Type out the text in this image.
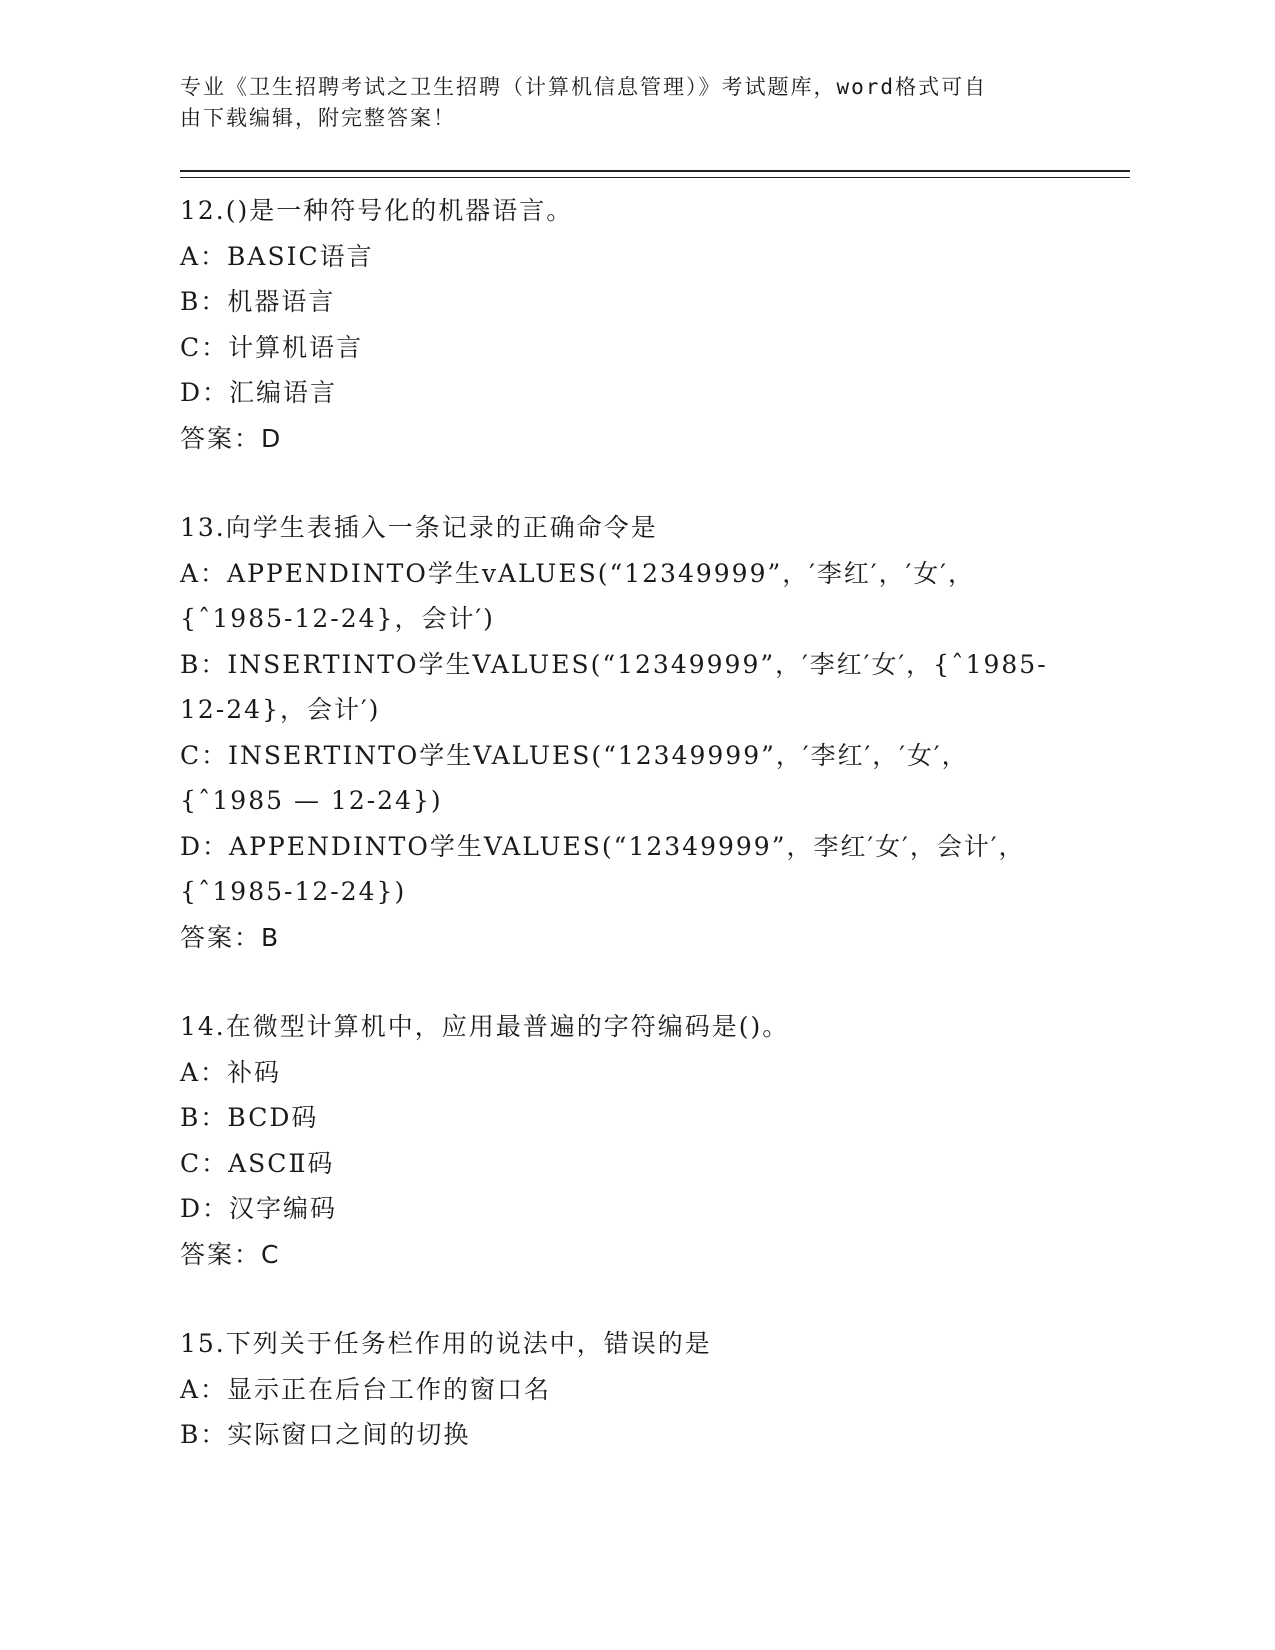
专业《卫生招聘考试之卫生招聘（计算机信息管理）》考试题库，word格式可自
由下载编辑，附完整答案！
12.()是一种符号化的机器语言。
A：BASIC语言
B：机器语言
C：计算机语言
D：汇编语言
答案：D
13.向学生表插入一条记录的正确命令是
A：APPENDINTO学生vALUES(“12349999”，′李红′，′女′，
{ˆ1985-12-24}，会计′)
B：INSERTINTO学生VALUES(“12349999”，′李红′女′，{ˆ1985-
12-24}，会计′)
C：INSERTINTO学生VALUES(“12349999”，′李红′，′女′，
{ˆ1985 — 12-24})
D：APPENDINTO学生VALUES(“12349999”，李红′女′，会计′，
{ˆ1985-12-24})
答案：B
14.在微型计算机中，应用最普遍的字符编码是()。
A：补码
B：BCD码
C：ASCⅡ码
D：汉字编码
答案：C
15.下列关于任务栏作用的说法中，错误的是
A：显示正在后台工作的窗口名
B：实际窗口之间的切换
